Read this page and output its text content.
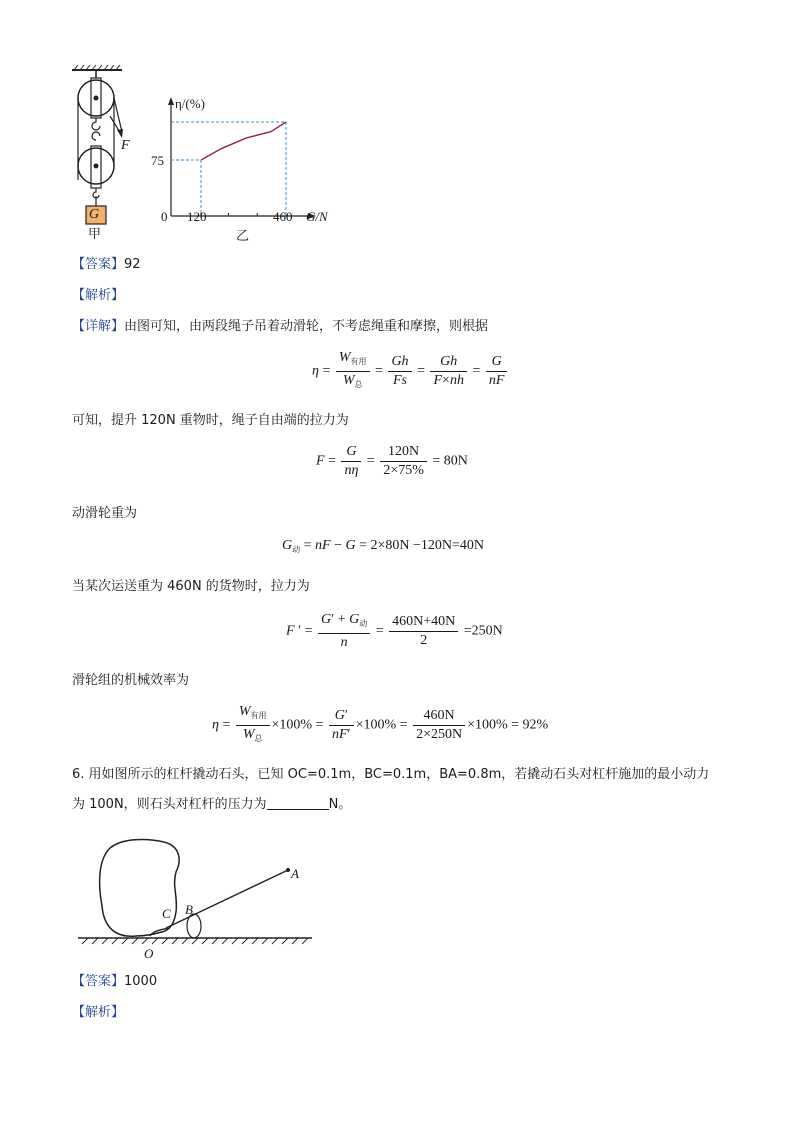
G
F
甲
η/(%)
75
0 120	460 G/N
乙
【答案】92
【解析】
【详解】由图可知，由两段绳子吊着动滑轮，不考虑绳重和摩擦，则根据
$\eta = \frac{W_{有用}}{W_总} = \frac{Gh}{Fs} = \frac{Gh}{F\times nh} = \frac{G}{nF}$
可知，提升 120N 重物时，绳子自由端的拉力为
$F = \frac{G}{n\eta} = \frac{120N}{2\times 75\%} = 80N$
动滑轮重为
$G_动$ = nF − G = 2×80N −120N=40N
当某次运送重为 460N 的货物时，拉力为
F ′ = $\frac{G' + G_动}{n} = \frac{460N+40N}{2} =250N$
滑轮组的机械效率为
$\eta = \frac{W_{有用}}{W_总} \times 100\% = \frac{G'}{nF'} \times 100\% = \frac{460N}{2\times 250N} \times 100\% = 92\%$
6. 用如图所示的杠杆撬动石头，已知 OC=0.1m，BC=0.1m，BA=0.8m，若撬动石头对杠杆施加的最小动力
为 100N，则石头对杠杆的压力为	N。
A
B
C
O
【答案】1000
【解析】
